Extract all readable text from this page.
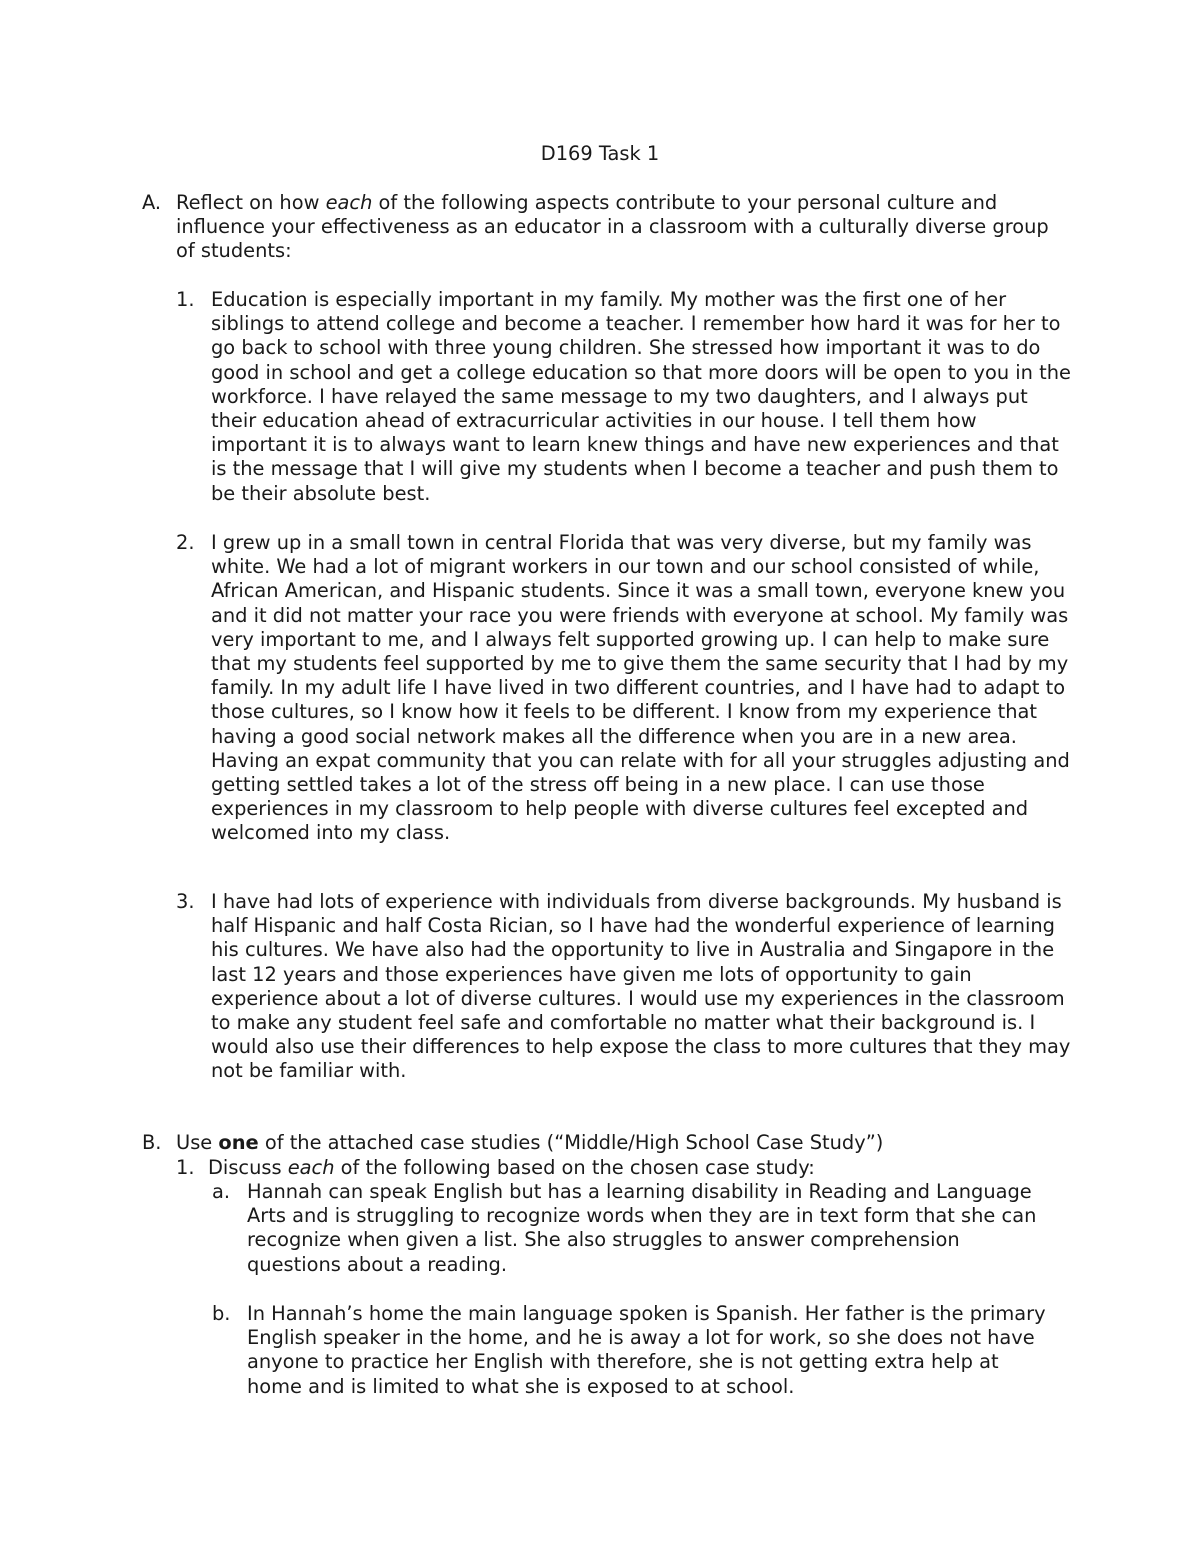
D169 Task 1
A. Reflect on how each of the following aspects contribute to your personal culture and influence your effectiveness as an educator in a classroom with a culturally diverse group of students:
1. Education is especially important in my family. My mother was the first one of her siblings to attend college and become a teacher. I remember how hard it was for her to go back to school with three young children. She stressed how important it was to do good in school and get a college education so that more doors will be open to you in the workforce. I have relayed the same message to my two daughters, and I always put their education ahead of extracurricular activities in our house. I tell them how important it is to always want to learn knew things and have new experiences and that is the message that I will give my students when I become a teacher and push them to be their absolute best.
2. I grew up in a small town in central Florida that was very diverse, but my family was white. We had a lot of migrant workers in our town and our school consisted of while, African American, and Hispanic students. Since it was a small town, everyone knew you and it did not matter your race you were friends with everyone at school. My family was very important to me, and I always felt supported growing up. I can help to make sure that my students feel supported by me to give them the same security that I had by my family. In my adult life I have lived in two different countries, and I have had to adapt to those cultures, so I know how it feels to be different. I know from my experience that having a good social network makes all the difference when you are in a new area. Having an expat community that you can relate with for all your struggles adjusting and getting settled takes a lot of the stress off being in a new place. I can use those experiences in my classroom to help people with diverse cultures feel excepted and welcomed into my class.
3. I have had lots of experience with individuals from diverse backgrounds. My husband is half Hispanic and half Costa Rician, so I have had the wonderful experience of learning his cultures. We have also had the opportunity to live in Australia and Singapore in the last 12 years and those experiences have given me lots of opportunity to gain experience about a lot of diverse cultures. I would use my experiences in the classroom to make any student feel safe and comfortable no matter what their background is. I would also use their differences to help expose the class to more cultures that they may not be familiar with.
B. Use one of the attached case studies (“Middle/High School Case Study”)
1. Discuss each of the following based on the chosen case study:
a. Hannah can speak English but has a learning disability in Reading and Language Arts and is struggling to recognize words when they are in text form that she can recognize when given a list. She also struggles to answer comprehension questions about a reading.
b. In Hannah’s home the main language spoken is Spanish. Her father is the primary English speaker in the home, and he is away a lot for work, so she does not have anyone to practice her English with therefore, she is not getting extra help at home and is limited to what she is exposed to at school.
